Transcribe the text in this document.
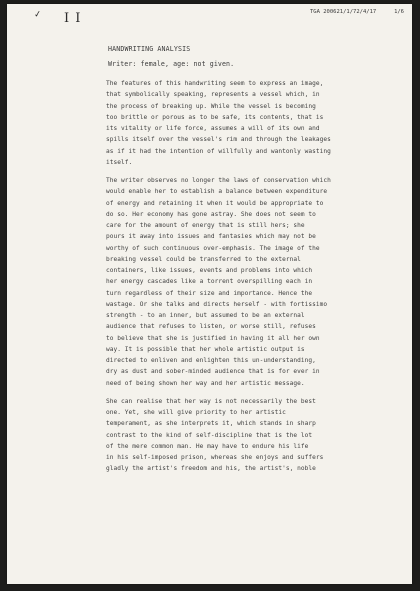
✓ I I	TGA 200621/1/72/4/17	1/6
HANDWRITING ANALYSIS
Writer: female, age: not given.
The features of this handwriting seem to express an image,
that symbolically speaking, represents a vessel which, in
the process of breaking up. While the vessel is becoming
too brittle or porous as to be safe, its contents, that is
its vitality or life force, assumes a will of its own and
spills itself over the vessel's rim and through the leakages
as if it had the intention of willfully and wantonly wasting
itself.
The writer observes no longer the laws of conservation which
would enable her to establish a balance between expenditure
of energy and retaining it when it would be appropriate to
do so. Her economy has gone astray. She does not seem to
care for the amount of energy that is still hers; she
pours it away into issues and fantasies which may not be
worthy of such continuous over-emphasis. The image of the
breaking vessel could be transferred to the external
containers, like issues, events and problems into which
her energy cascades like a torrent overspilling each in
turn regardless of their size and importance. Hence the
wastage. Or she talks and directs herself - with fortissimo
strength - to an inner, but assumed to be an external
audience that refuses to listen, or worse still, refuses
to believe that she is justified in having it all her own
way. It is possible that her whole artistic output is
directed to enliven and enlighten this un-understanding,
dry as dust and sober-minded audience that is for ever in
need of being shown her way and her artistic message.
She can realise that her way is not necessarily the best
one. Yet, she will give priority to her artistic
temperament, as she interprets it, which stands in sharp
contrast to the kind of self-discipline that is the lot
of the mere common man. He may have to endure his life
in his self-imposed prison, whereas she enjoys and suffers
gladly the artist's freedom and his, the artist's, noble
